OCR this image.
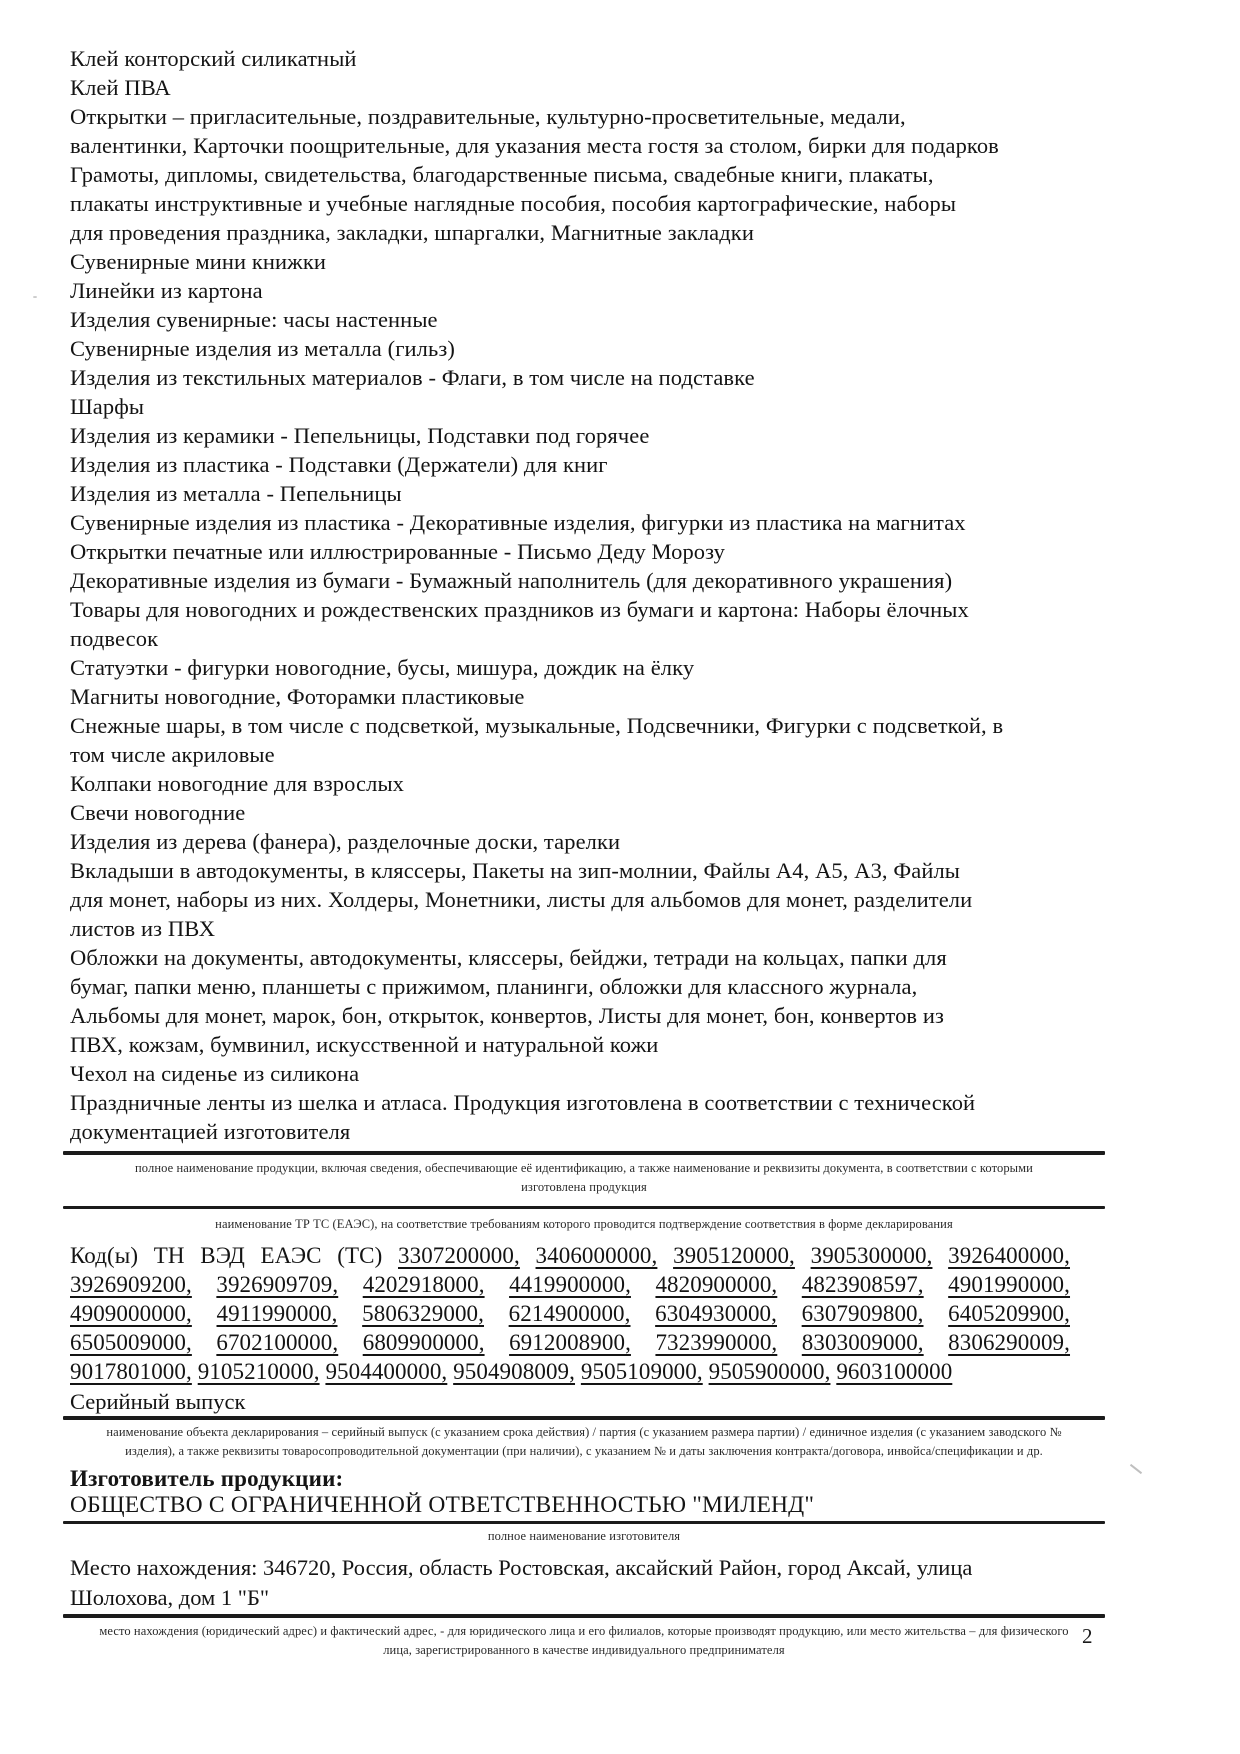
Клей конторский силикатный
Клей ПВА
Открытки – пригласительные, поздравительные, культурно-просветительные, медали,
валентинки, Карточки поощрительные, для указания места гостя за столом, бирки для подарков
Грамоты, дипломы, свидетельства, благодарственные письма, свадебные книги, плакаты,
плакаты инструктивные и учебные наглядные пособия, пособия картографические, наборы
для проведения праздника, закладки, шпаргалки, Магнитные закладки
Сувенирные мини книжки
Линейки из картона
Изделия сувенирные: часы настенные
Сувенирные изделия из металла (гильз)
Изделия из текстильных материалов - Флаги, в том числе на подставке
Шарфы
Изделия из керамики - Пепельницы, Подставки под горячее
Изделия из пластика - Подставки (Держатели) для книг
Изделия из металла - Пепельницы
Сувенирные изделия из пластика - Декоративные изделия, фигурки из пластика на магнитах
Открытки печатные или иллюстрированные - Письмо Деду Морозу
Декоративные изделия из бумаги - Бумажный наполнитель (для декоративного украшения)
Товары для новогодних и рождественских праздников из бумаги и картона: Наборы ёлочных
подвесок
Статуэтки - фигурки новогодние, бусы, мишура, дождик на ёлку
Магниты новогодние, Фоторамки пластиковые
Снежные шары, в том числе с подсветкой, музыкальные, Подсвечники, Фигурки с подсветкой, в
том числе акриловые
Колпаки новогодние для взрослых
Свечи новогодние
Изделия из дерева (фанера), разделочные доски, тарелки
Вкладыши в автодокументы, в кляссеры, Пакеты на зип-молнии, Файлы А4, А5, А3, Файлы
для монет, наборы из них. Холдеры, Монетники, листы для альбомов для монет, разделители
листов из ПВХ
Обложки на документы, автодокументы, кляссеры, бейджи, тетради на кольцах, папки для
бумаг, папки меню, планшеты с прижимом, планинги, обложки для классного журнала,
Альбомы для монет, марок, бон, открыток, конвертов, Листы для монет, бон, конвертов из
ПВХ, кожзам, бумвинил, искусственной и натуральной кожи
Чехол на сиденье из силикона
Праздничные ленты из шелка и атласа. Продукция изготовлена в соответствии с технической
документацией изготовителя
полное наименование продукции, включая сведения, обеспечивающие её идентификацию, а также наименование и реквизиты документа, в соответствии с которыми изготовлена продукция
наименование ТР ТС (ЕАЭС), на соответствие требованиям которого проводится подтверждение соответствия в форме декларирования

Код(ы) ТН ВЭД ЕАЭС (ТС) 3307200000, 3406000000, 3905120000, 3905300000, 3926400000, 3926909200, 3926909709, 4202918000, 4419900000, 4820900000, 4823908597, 4901990000, 4909000000, 4911990000, 5806329000, 6214900000, 6304930000, 6307909800, 6405209900, 6505009000, 6702100000, 6809900000, 6912008900, 7323990000, 8303009000, 8306290009, 9017801000, 9105210000, 9504400000, 9504908009, 9505109000, 9505900000, 9603100000

Серийный выпуск
наименование объекта декларирования – серийный выпуск (с указанием срока действия) / партия (с указанием размера партии) / единичное изделия (с указанием заводского № изделия), а также реквизиты товаросопроводительной документации (при наличии), с указанием № и даты заключения контракта/договора, инвойса/спецификации и др.
Изготовитель продукции:
ОБЩЕСТВО С ОГРАНИЧЕННОЙ ОТВЕТСТВЕННОСТЬЮ "МИЛЕНД"
полное наименование изготовителя
Место нахождения: 346720, Россия, область Ростовская, аксайский Район, город Аксай, улица
Шолохова, дом 1 "Б"
место нахождения (юридический адрес) и фактический адрес, - для юридического лица и его филиалов, которые производят продукцию, или место жительства – для физического лица, зарегистрированного в качестве индивидуального предпринимателя
2
